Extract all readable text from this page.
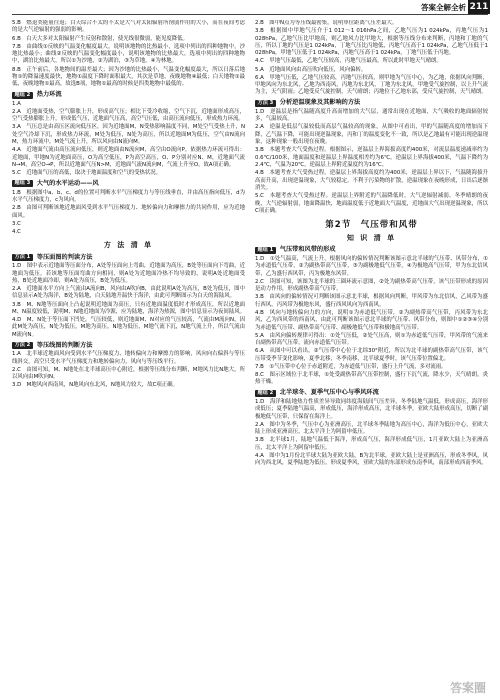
答案全解全析 211

5.B　燃退类能量往返；白天综合不太的不太是大气对太阳辐射所削弱作用的大小，而在夜间考虑的是大气逆辐射的强弱的影响。

6.B　白天大多对太阳辐射产生反射和散射，使光线很微弱，能见度降低。

7.B　由曲线①反映的气温变化幅度最大，说明该地物的比热最小，选项中列出的四种地物中，沙地比热最小；曲线②反映的气温变化幅度最小，说明该地物的比热最大，选项中列出的四种地物中，湖泊比热最大，所以①为沙地，②为湖泊，③为草地，④为林地。

8.B　正午前后，各地物间的温差最大；因为沙地的比热最小，气温变化幅度最大，所以日落后地物①的降温速度最快，地物①温度下降时面积最大，其次是草地，夜晚地物④最低；白天地物①最低，夜晚地物①最高，故选B项，地物①最高的时候是四类地物中最低的。

题组 2	热力环流

1.A

2.A　近地面受热，空气膨胀上升，形成高气压；相比下受冷收缩，空气下沉，近地面形成高压，空气受热膨胀上升，形成低气压，近地面气压高，高空气压低，由高压流向低压，形成热力环流。

3.A　气压总是由高压区流向低压区，因为近地面M、N受热影响温度不同，M处空气受热上升，N处空气冷却下沉，形成热力环流，M处为低压，N处为高压，所以近地面M为低压，空气由N流向M，热力环流中，M处气流上升，所以风向由N流向M。

4.A　近地面气流由高压流向低压，则近地面由N流向M，高空由O流向P，依据热力环流可得出：近地面，甲地N为近地面高压，O为高空低压，P为高空高压，O、P分别对应N、M，近地面气流N→M，高空O→P，所以近地面气压N>M，近地面气流N流向M，气流上升至O，故A项正确。

5.C　近地面气压的高低，取决于地面温度和空气的受热状况。

题组 3	大气的水平运动——风

1.B　根据图中a、b、c、d的位置可判断水平气压梯度力与等压线垂直，并由高压指向低压，d为水平气压梯度力，c为风向。

2.B　由图可判断该地近地面风受到水平气压梯度力、地转偏向力和摩擦力的共同作用，应为近地面风。

3.C

4.C

方 法 清 单
方法 1	等压面图的判读方法

1.D　图中表示近地面等压面分布，A处等压面向上弯曲，近地面为高压，B处等压面向下弯曲，近地面为低压。若该地等压面弯曲方向相同，则A处为近地面冷热不均导致的，说明A处近地面受热，B处近地面冷却，则A处为高压，B处为低压。

2.A　近地面水平方向上气流由A流向B，风向由A吹向B，由此说明A处为高压，B处为低压，图中信息显示A处为海洋，B处为陆地，白天陆地升温快于海洋，由此可判断图示为白天的海陆风。

3.B　M、N地等压面向上凸起说明近地面为高压，只有近地面温度低时才形成高压，所以近地面M、N温度较低，说明M、N地近地面为冷源，应为陆地，海洋为热源，图中信息显示为夜间陆风。

4.D　M、N处于等压面下凹处，气压较低，则近地面M、N对应的气压较高，气流由M流向N，因此M处为高压，N处为低压，M地为高压，N地为低压，M地气流下沉，N地气流上升，所以气流由M流向N。

方法 2	等压线图的判断方法

1.A　北半球近地面风向受到水平气压梯度力、地转偏向力和摩擦力的影响，风向向右偏斜与等压线斜交，高空只受水平气压梯度力和地转偏向力，风向与等压线平行。

2.C　由图可知，M、N地处在北半球高压中心附近，根据等压线分布判断，M地风力比N地大，所以风向由M吹向N。

3.D　M地风向西南风，N地风向东北风，N地风力较大，故C项正确。

2.B　图中N点为等压线最密集，说明单位距离气压差最大。

3.B　根据图中甲地气压介于1 012～1 016hPa之间，乙地气压为1 024kPa，丙地气压为1 028hPa，乙地气压比甲地高，则乙地风力比甲地大，根据等压线分布来判断，丙地和丁地的气压，所以丁地的气压是1 024kPa，丁地气压比丙地低，丙地气压高于1 024kPa，乙地气压低于1 028hPa，甲地气压低于1 024kPa，丙地气压高于1 024kPa，丁地气压低于丙地。

4.C　甲地气压最低，乙地气压较高，丙地气压最高，所以此时甲地天气晴朗。

5.A　近地面风向由高压吹向低压，风向偏转。

6.A　甲地气压低，乙地气压较高，丙地气压较高，则甲地为气压中心，为乙地，依据风向判断，甲地风向为东北风，乙地为西南风，丙地为东北风，丁地为东北风，甲地受气旋控制，以上升气流为主，天气阴雨；乙地受反气旋控制，天气晴朗；丙地位于乙地东部，受反气旋控制，天气晴朗。

方法 3	分析逆温现象及其影响的方法

1.D　逆温层是指气温随高度升高而增加的大气层，通常出现在近地面，大气吸收的地面辐射较多，气温较高。

2.A　逆温是低层气温较低而高层气温较高的现象，从图中可看出，甲的气温随高度的增加而下降，乙气温下降，可能出现逆温现象，丙和丁的温度变化不一致，所以是乙地最有可能出现逆温现象，这种现象一般出现在夜晚。

3.B　本题考查大气受热过程。根据图示，逆温层上界海拔高度约400米，对流层温度递减率约为0.6℃/100米，地面温度和逆温层上界温度相差约为6℃。逆温层上界海拔400米，气温下降约为2.4℃，气温为20℃，逆温层上界附近温度约为16℃。

4.B　本题考查大气受热过程。逆温层上界海拔高度约为400米，逆温层上界以下，气温随海拔升高而升高，出现逆温现象，大气较稳定，不利于污染物的扩散，逆温现象在夜晚形成，日出后逐渐消失。

5.C　本题考查大气受热过程。逆温层上界附近的气温降低时，大气逆辐射减弱。冬季晴朗的夜晚，大气逆辐射弱，地面降温快，地面温度低于近地面大气温度，近地面大气出现逆温现象，所以C项正确。

第2节　气压带和风带
知 识 清 单
题组 1	气压带和风带的形成

1.D　①处气温高，气流上升，根据风向的偏转情况判断该图示意北半球的气压带、风带分布，①为赤道低气压带，②为副热带高气压带，③为副极地低气压带，④为极地高气压带，甲为东北信风带，乙为盛行西风带，丙为极地东风带。

2.C　读图可知，该图为北半球的三圈环流示意图，②处为副热带高气压带，该气压带形成的原因是动力作用，形成副热带高气压带。

3.B　由风向的偏转情况可判断该图示意北半球，根据风向判断，甲风带为东北信风，乙风带为盛行西风，丙风带为极地东风，盛行西风风向为西南风。

4.B　风向与地转偏向力的方向，说明①为赤道低气压带，②为副热带高气压带，丙风带为东北风，乙为西风带的西南风，由此可判断该图示意北半球的气压带、风带分布，则图中①②③④分别为赤道低气压带、副热带高气压带、副极地低气压带和极地高气压带。

5.A　由风向偏转规律可得出：①处气压低，②处气压高，则①为赤道低气压带，甲风带的气流来自副热带高气压带，流向赤道低气压带。

6.A　从图中可以看出，②气压带中心位于北纬30°附近，所以为北半球的副热带高气压带，该气压带受季节变化影响，夏季北移，冬季南移，北半球夏季时，该气压带位置偏北。

7.B　①气压带中心位于赤道附近，为赤道低气压带，盛行上升气流，多对流雨。

8.C　图示区域位于北半球，①处受副热带高气压带控制，盛行下沉气流，降水少，天气晴朗，炎热干燥。

题组 2	北半球冬、夏季气压中心与季风环流

1.D　海洋和陆地热力性质差异导致同纬度海陆间气压差异，冬季陆地气温低，形成高压，海洋形成低压；夏季陆地气温高，形成低压，海洋形成高压，北半球冬季，亚欧大陆形成高压，切断了副极地低气压带，只保留在海洋上。

2.A　图中为冬季，气压中心为亚洲高压，北半球冬季陆地为高压中心，海洋为低压中心，亚欧大陆上形成亚洲高压，北太平洋上为阿留申低压。

3.B　北半球1月，陆地气温低于海洋，形成高气压，海洋形成低气压，1月亚欧大陆上为亚洲高压，北太平洋上为阿留申低压。

4.A　图中为1月份北半球大陆为亚欧大陆，B为北半球，亚欧大陆上是亚洲高压，形成冬季风，风向为西北风，夏季陆地为低压，形成夏季风，亚欧大陆的东部形成东南季风，南部形成西南季风。

答案圈
